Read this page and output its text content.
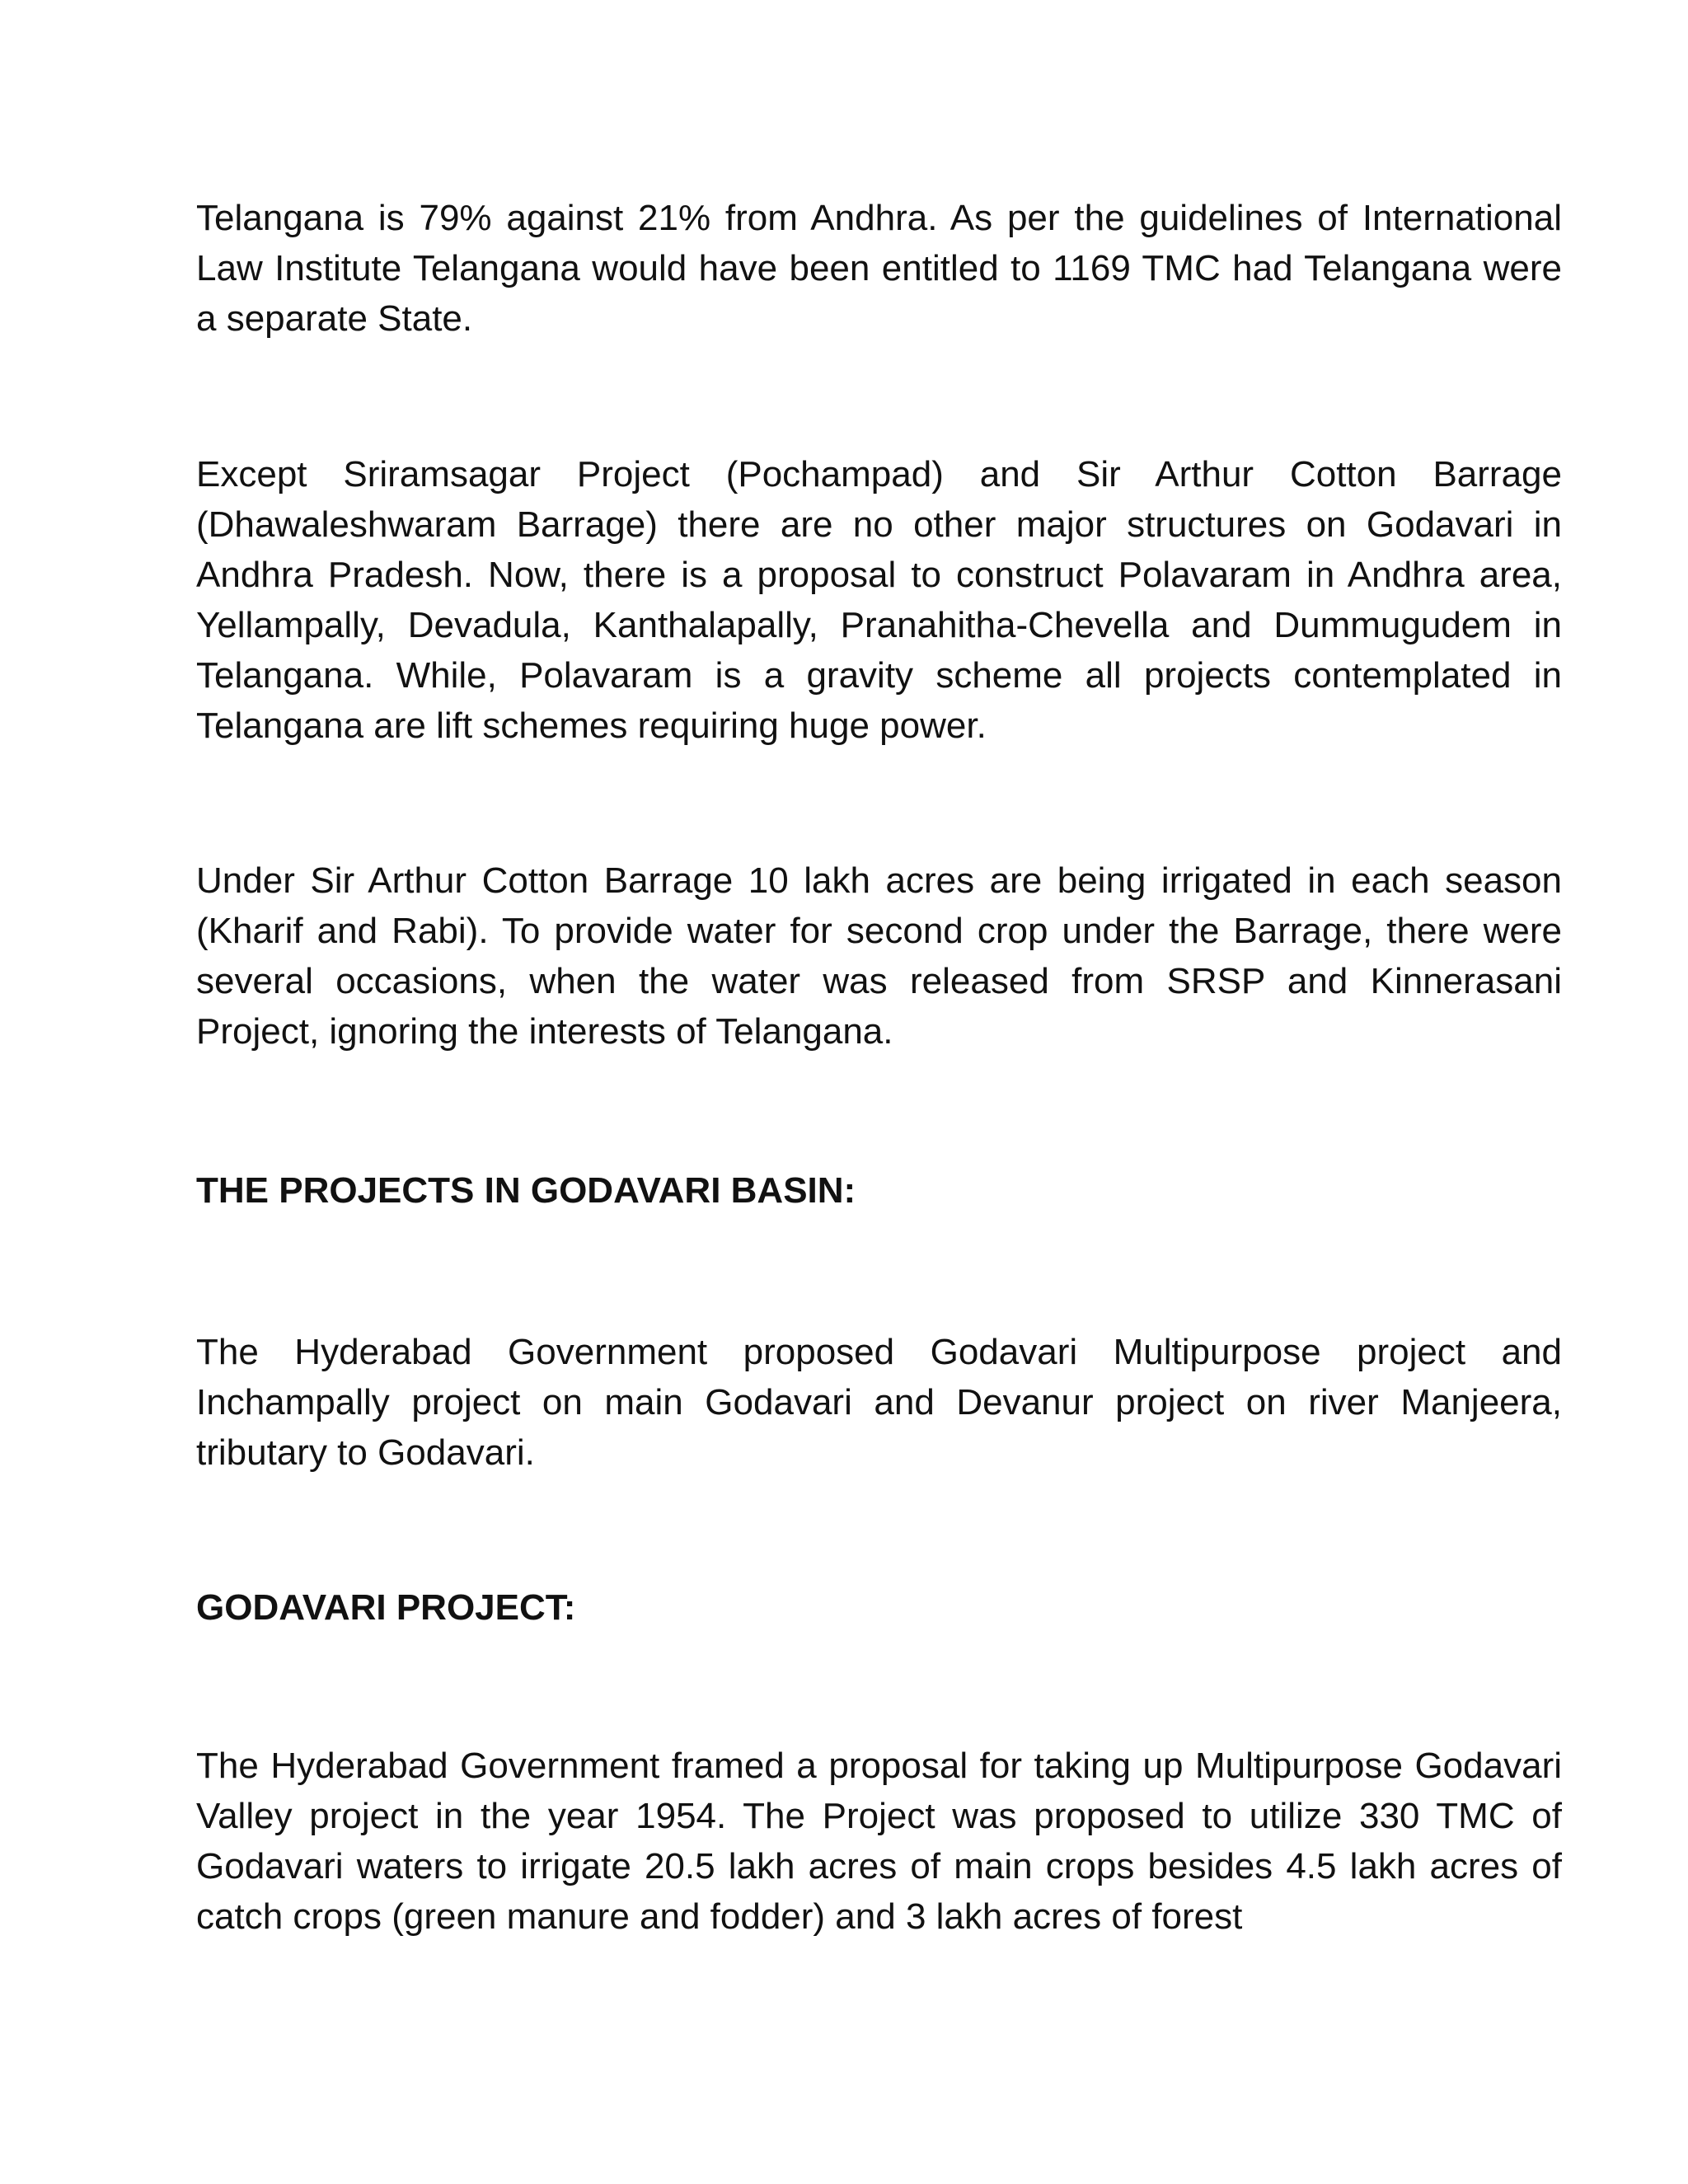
Telangana is 79% against 21% from Andhra. As per the guidelines of International Law Institute Telangana would have been entitled to 1169 TMC had Telangana were a separate State.

Except Sriramsagar Project (Pochampad) and Sir Arthur Cotton Barrage (Dhawaleshwaram Barrage) there are no other major structures on Godavari in Andhra Pradesh. Now, there is a proposal to construct Polavaram in Andhra area, Yellampally, Devadula, Kanthalapally, Pranahitha-Chevella and Dummugudem in Telangana. While, Polavaram is a gravity scheme all projects contemplated in Telangana are lift schemes requiring huge power.

Under Sir Arthur Cotton Barrage 10 lakh acres are being irrigated in each season (Kharif and Rabi). To provide water for second crop under the Barrage, there were several occasions, when the water was released from SRSP and Kinnerasani Project, ignoring the interests of Telangana.

THE PROJECTS IN GODAVARI BASIN:

The Hyderabad Government proposed Godavari Multipurpose project and Inchampally project on main Godavari and Devanur project on river Manjeera, tributary to Godavari.

GODAVARI PROJECT:

The Hyderabad Government framed a proposal for taking up Multipurpose Godavari Valley project in the year 1954. The Project was proposed to utilize 330 TMC of Godavari waters to irrigate 20.5 lakh acres of main crops besides 4.5 lakh acres of catch crops (green manure and fodder) and 3 lakh acres of forest
